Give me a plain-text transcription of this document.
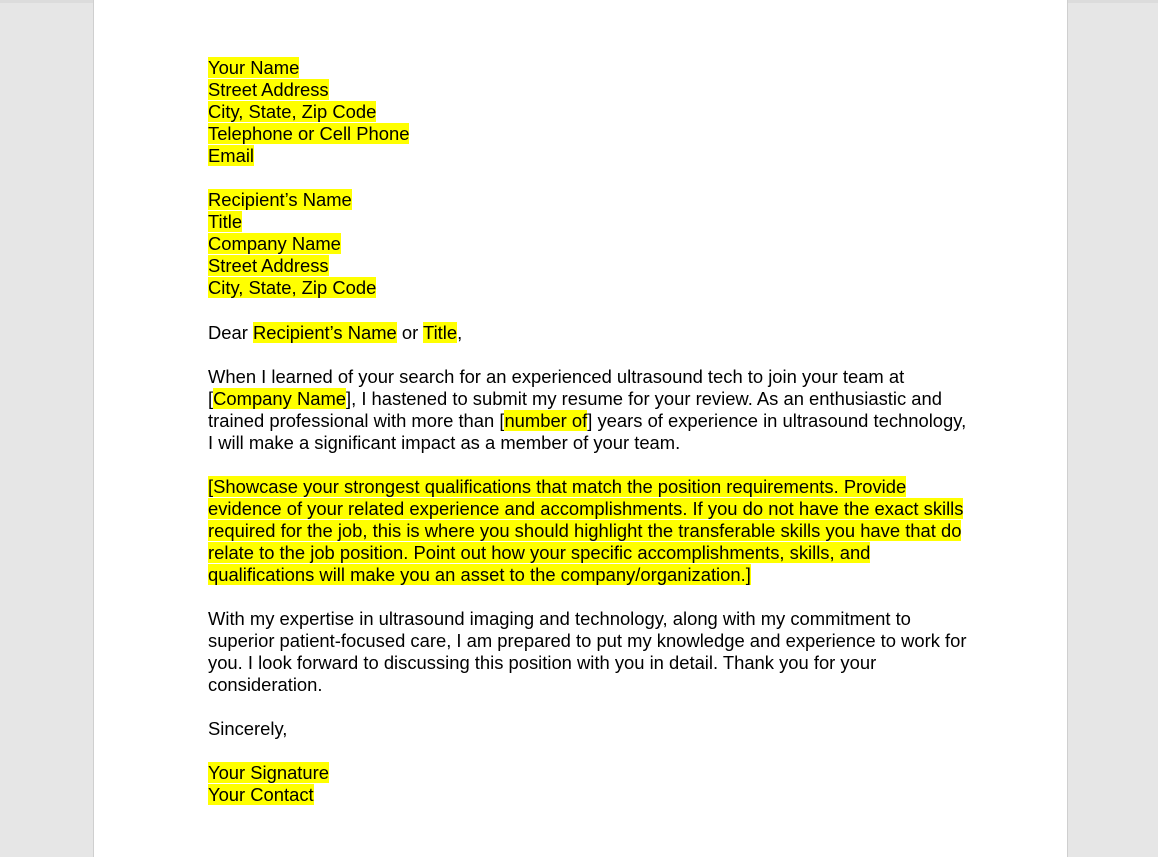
Your Name
Street Address
City, State, Zip Code
Telephone or Cell Phone
Email
Recipient’s Name
Title
Company Name
Street Address
City, State, Zip Code
Dear Recipient’s Name or Title,

When I learned of your search for an experienced ultrasound tech to join your team at [Company Name], I hastened to submit my resume for your review. As an enthusiastic and trained professional with more than [number of] years of experience in ultrasound technology, I will make a significant impact as a member of your team.

[Showcase your strongest qualifications that match the position requirements. Provide evidence of your related experience and accomplishments. If you do not have the exact skills required for the job, this is where you should highlight the transferable skills you have that do relate to the job position. Point out how your specific accomplishments, skills, and qualifications will make you an asset to the company/organization.]

With my expertise in ultrasound imaging and technology, along with my commitment to superior patient-focused care, I am prepared to put my knowledge and experience to work for you. I look forward to discussing this position with you in detail. Thank you for your consideration.

Sincerely,
Your Signature
Your Contact
